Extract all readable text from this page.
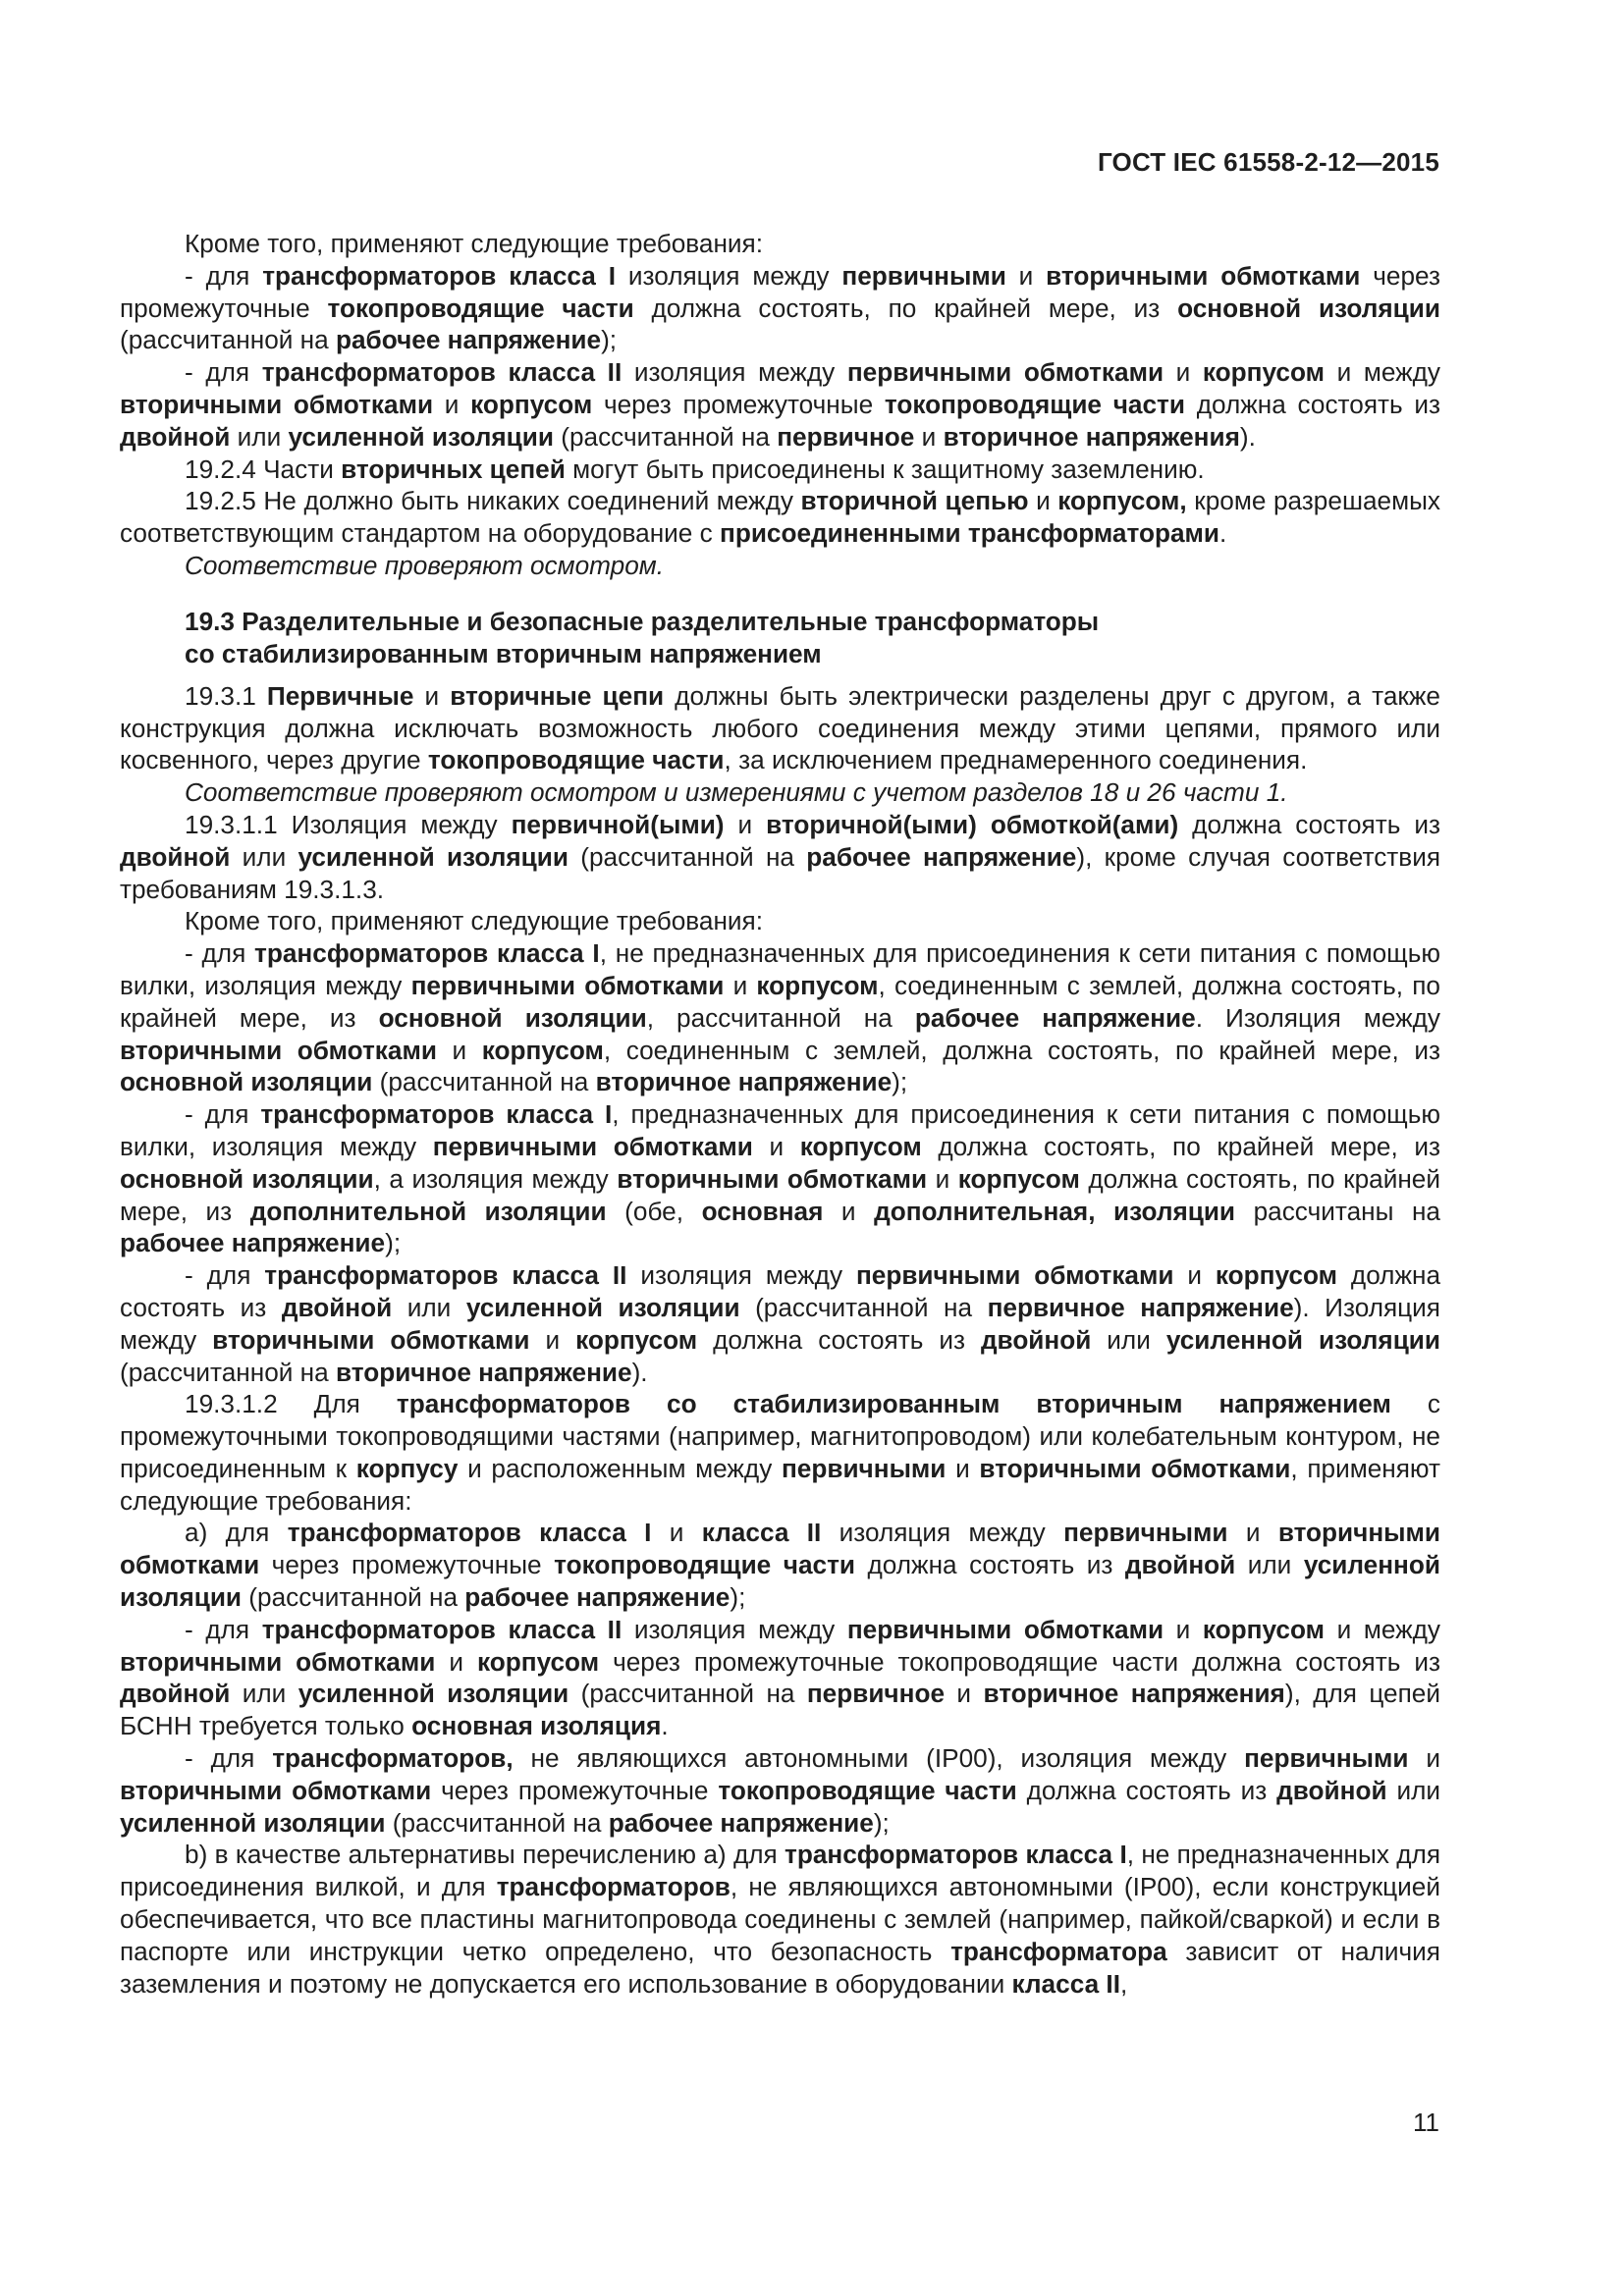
ГОСТ IEC 61558-2-12—2015

Кроме того, применяют следующие требования:

- для трансформаторов класса I изоляция между первичными и вторичными обмотками через промежуточные токопроводящие части должна состоять, по крайней мере, из основной изоляции (рассчитанной на рабочее напряжение);

- для трансформаторов класса II изоляция между первичными обмотками и корпусом и между вторичными обмотками и корпусом через промежуточные токопроводящие части должна состоять из двойной или усиленной изоляции (рассчитанной на первичное и вторичное напряжения).

19.2.4 Части вторичных цепей могут быть присоединены к защитному заземлению.

19.2.5 Не должно быть никаких соединений между вторичной цепью и корпусом, кроме разрешаемых соответствующим стандартом на оборудование с присоединенными трансформаторами.

Соответствие проверяют осмотром.

19.3 Разделительные и безопасные разделительные трансформаторы
со стабилизированным вторичным напряжением

19.3.1 Первичные и вторичные цепи должны быть электрически разделены друг с другом, а также конструкция должна исключать возможность любого соединения между этими цепями, прямого или косвенного, через другие токопроводящие части, за исключением преднамеренного соединения.

Соответствие проверяют осмотром и измерениями с учетом разделов 18 и 26 части 1.

19.3.1.1 Изоляция между первичной(ыми) и вторичной(ыми) обмоткой(ами) должна состоять из двойной или усиленной изоляции (рассчитанной на рабочее напряжение), кроме случая соответствия требованиям 19.3.1.3.

Кроме того, применяют следующие требования:

- для трансформаторов класса I, не предназначенных для присоединения к сети питания с помощью вилки, изоляция между первичными обмотками и корпусом, соединенным с землей, должна состоять, по крайней мере, из основной изоляции, рассчитанной на рабочее напряжение. Изоляция между вторичными обмотками и корпусом, соединенным с землей, должна состоять, по крайней мере, из основной изоляции (рассчитанной на вторичное напряжение);

- для трансформаторов класса I, предназначенных для присоединения к сети питания с помощью вилки, изоляция между первичными обмотками и корпусом должна состоять, по крайней мере, из основной изоляции, а изоляция между вторичными обмотками и корпусом должна состоять, по крайней мере, из дополнительной изоляции (обе, основная и дополнительная, изоляции рассчитаны на рабочее напряжение);

- для трансформаторов класса II изоляция между первичными обмотками и корпусом должна состоять из двойной или усиленной изоляции (рассчитанной на первичное напряжение). Изоляция между вторичными обмотками и корпусом должна состоять из двойной или усиленной изоляции (рассчитанной на вторичное напряжение).

19.3.1.2 Для трансформаторов со стабилизированным вторичным напряжением с промежуточными токопроводящими частями (например, магнитопроводом) или колебательным контуром, не присоединенным к корпусу и расположенным между первичными и вторичными обмотками, применяют следующие требования:

a) для трансформаторов класса I и класса II изоляция между первичными и вторичными обмотками через промежуточные токопроводящие части должна состоять из двойной или усиленной изоляции (рассчитанной на рабочее напряжение);

- для трансформаторов класса II изоляция между первичными обмотками и корпусом и между вторичными обмотками и корпусом через промежуточные токопроводящие части должна состоять из двойной или усиленной изоляции (рассчитанной на первичное и вторичное напряжения), для цепей БСНН требуется только основная изоляция.

- для трансформаторов, не являющихся автономными (IP00), изоляция между первичными и вторичными обмотками через промежуточные токопроводящие части должна состоять из двойной или усиленной изоляции (рассчитанной на рабочее напряжение);

b) в качестве альтернативы перечислению а) для трансформаторов класса I, не предназначенных для присоединения вилкой, и для трансформаторов, не являющихся автономными (IP00), если конструкцией обеспечивается, что все пластины магнитопровода соединены с землей (например, пайкой/сваркой) и если в паспорте или инструкции четко определено, что безопасность трансформатора зависит от наличия заземления и поэтому не допускается его использование в оборудовании класса II,

11
